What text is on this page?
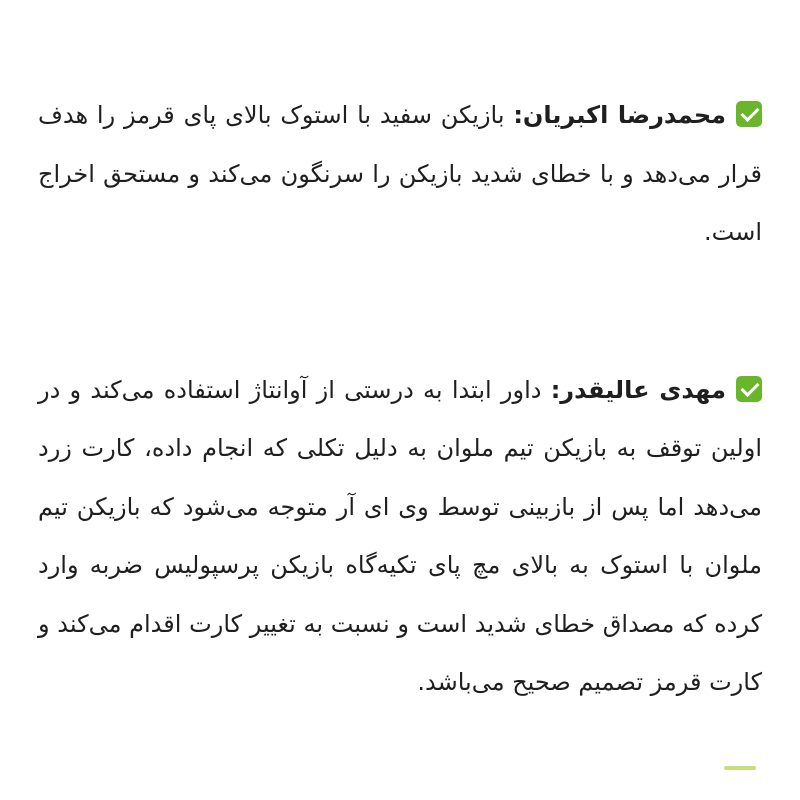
محمدرضا اکبریان: بازیکن سفید با استوک بالای پای قرمز را هدف قرار می‌دهد و با خطای شدید بازیکن را سرنگون می‌کند و مستحق اخراج است.

مهدی عالیقدر: داور ابتدا به درستی از آوانتاژ استفاده می‌کند و در اولین توقف به بازیکن تیم ملوان به دلیل تکلی که انجام داده، کارت زرد می‌دهد اما پس از بازبینی توسط وی ای آر متوجه می‌شود که بازیکن تیم ملوان با استوک به بالای مچ پای تکیه‌گاه بازیکن پرسپولیس ضربه وارد کرده که مصداق خطای شدید است و نسبت به تغییر کارت اقدام می‌کند و کارت قرمز تصمیم صحیح می‌باشد.
